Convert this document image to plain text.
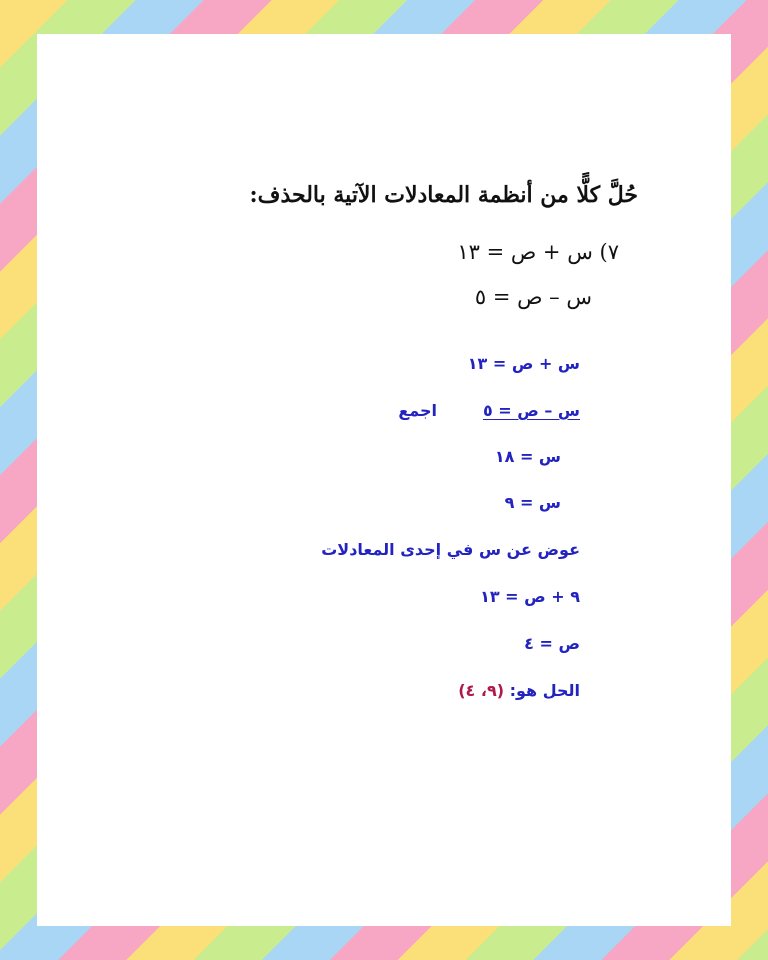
حُلَّ كلًّا من أنظمة المعادلات الآتية بالحذف:
٧) س + ص = ١٣
س – ص = ٥
س + ص = ١٣
س – ص = ٥
اجمع
س = ١٨
س = ٩
عوض عن س في إحدى المعادلات
٩ + ص = ١٣
ص = ٤
الحل هو: (٩، ٤)
